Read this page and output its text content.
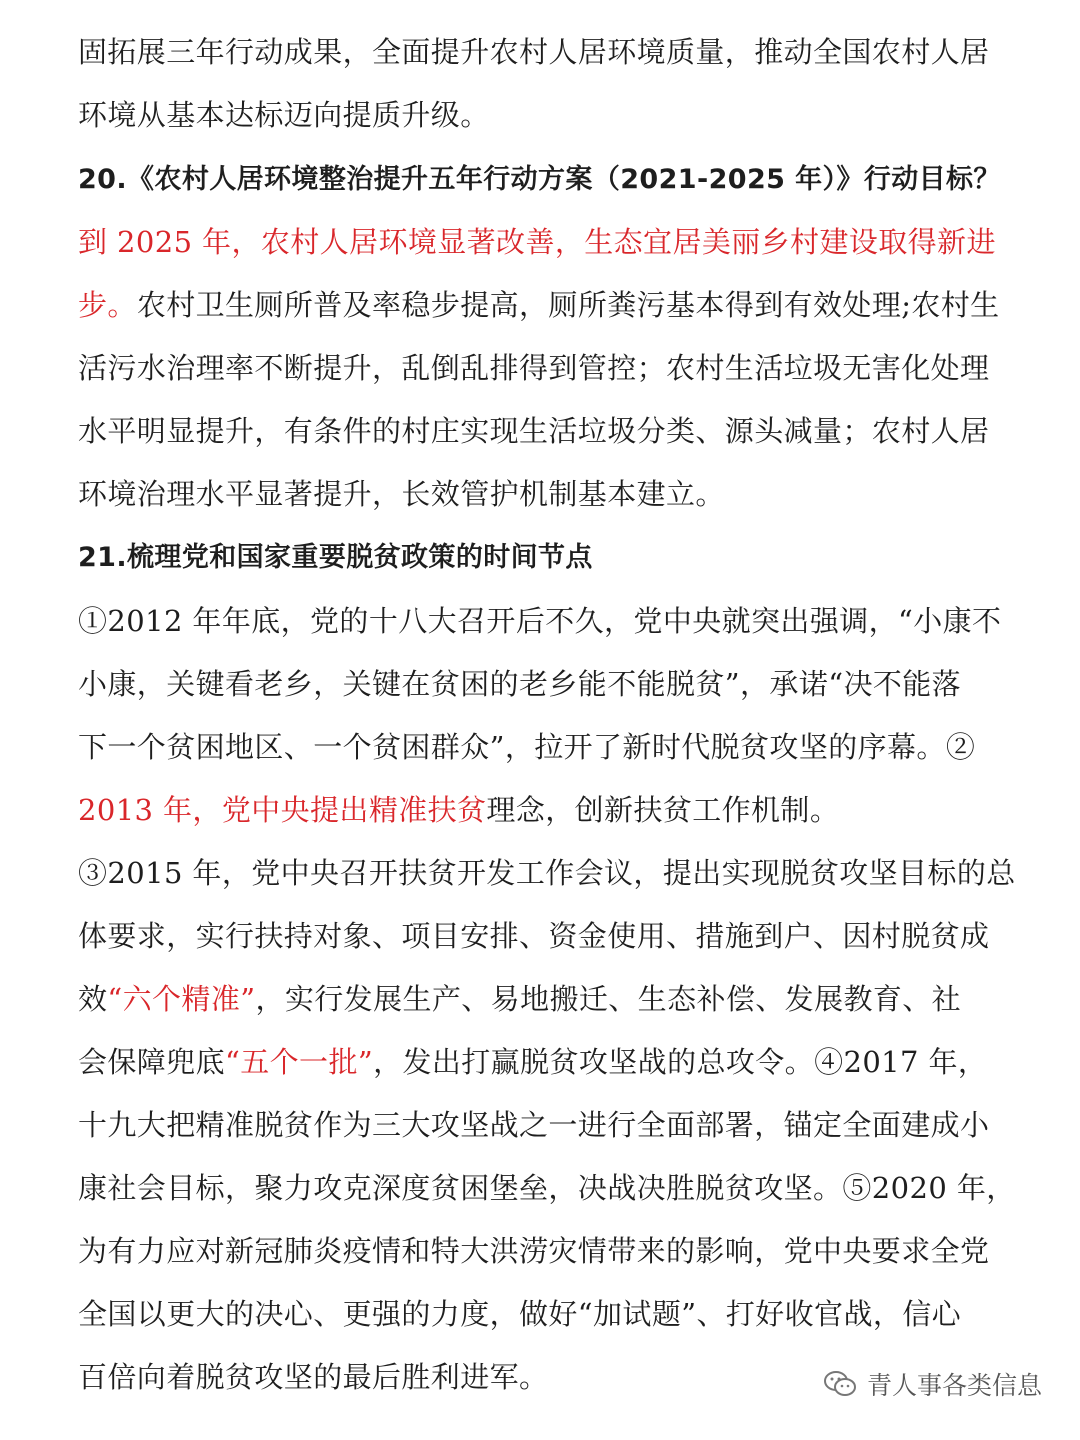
固拓展三年行动成果，全面提升农村人居环境质量，推动全国农村人居
环境从基本达标迈向提质升级。
20.《农村人居环境整治提升五年行动方案（2021-2025 年）》行动目标？
到 2025 年，农村人居环境显著改善，生态宜居美丽乡村建设取得新进
步。农村卫生厕所普及率稳步提高，厕所粪污基本得到有效处理;农村生
活污水治理率不断提升，乱倒乱排得到管控；农村生活垃圾无害化处理
水平明显提升，有条件的村庄实现生活垃圾分类、源头减量；农村人居
环境治理水平显著提升，长效管护机制基本建立。
21.梳理党和国家重要脱贫政策的时间节点
①2012 年年底，党的十八大召开后不久，党中央就突出强调，“小康不
小康，关键看老乡，关键在贫困的老乡能不能脱贫”，承诺“决不能落
下一个贫困地区、一个贫困群众”，拉开了新时代脱贫攻坚的序幕。②
2013 年，党中央提出精准扶贫理念，创新扶贫工作机制。
③2015 年，党中央召开扶贫开发工作会议，提出实现脱贫攻坚目标的总
体要求，实行扶持对象、项目安排、资金使用、措施到户、因村脱贫成
效“六个精准”，实行发展生产、易地搬迁、生态补偿、发展教育、社
会保障兜底“五个一批”，发出打赢脱贫攻坚战的总攻令。④2017 年，
十九大把精准脱贫作为三大攻坚战之一进行全面部署，锚定全面建成小
康社会目标，聚力攻克深度贫困堡垒，决战决胜脱贫攻坚。⑤2020 年，
为有力应对新冠肺炎疫情和特大洪涝灾情带来的影响，党中央要求全党
全国以更大的决心、更强的力度，做好“加试题”、打好收官战，信心
百倍向着脱贫攻坚的最后胜利进军。	青人事各类信息
